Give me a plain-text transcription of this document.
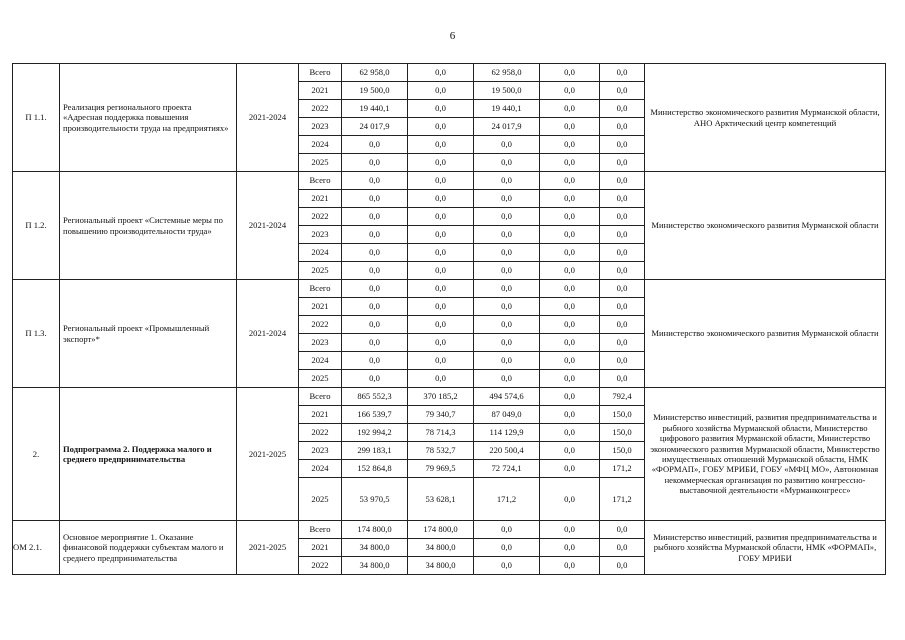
6
П 1.1.	Реализация регионального проекта «Адресная поддержка повышения производительности труда на предприятиях»	2021-2024	Всего	62 958,0	0,0	62 958,0	0,0	0,0	Министерство экономического развития Мурманской области, АНО Арктический центр компетенций
			2021	19 500,0	0,0	19 500,0	0,0	0,0	
			2022	19 440,1	0,0	19 440,1	0,0	0,0	
			2023	24 017,9	0,0	24 017,9	0,0	0,0	
			2024	0,0	0,0	0,0	0,0	0,0	
			2025	0,0	0,0	0,0	0,0	0,0	
П 1.2.	Региональный проект «Системные меры по повышению производительности труда»	2021-2024	Всего	0,0	0,0	0,0	0,0	0,0	Министерство экономического развития Мурманской области
			2021	0,0	0,0	0,0	0,0	0,0	
			2022	0,0	0,0	0,0	0,0	0,0	
			2023	0,0	0,0	0,0	0,0	0,0	
			2024	0,0	0,0	0,0	0,0	0,0	
			2025	0,0	0,0	0,0	0,0	0,0	
П 1.3.	Региональный проект «Промышленный экспорт»*	2021-2024	Всего	0,0	0,0	0,0	0,0	0,0	Министерство экономического развития Мурманской области
			2021	0,0	0,0	0,0	0,0	0,0	
			2022	0,0	0,0	0,0	0,0	0,0	
			2023	0,0	0,0	0,0	0,0	0,0	
			2024	0,0	0,0	0,0	0,0	0,0	
			2025	0,0	0,0	0,0	0,0	0,0	
2.	Подпрограмма 2. Поддержка малого и среднего предпринимательства	2021-2025	Всего	865 552,3	370 185,2	494 574,6	0,0	792,4	Министерство инвестиций, развития предпринимательства и рыбного хозяйства Мурманской области, Министерство цифрового развития Мурманской области, Министерство экономического развития Мурманской области, Министерство имущественных отношений Мурманской области, НМК «ФОРМАП», ГОБУ МРИБИ, ГОБУ «МФЦ МО», Автономная некоммерческая организация по развитию конгрессно-выставочной деятельности «Мурманконгресс»
			2021	166 539,7	79 340,7	87 049,0	0,0	150,0	
			2022	192 994,2	78 714,3	114 129,9	0,0	150,0	
			2023	299 183,1	78 532,7	220 500,4	0,0	150,0	
			2024	152 864,8	79 969,5	72 724,1	0,0	171,2	
			2025	53 970,5	53 628,1	171,2	0,0	171,2	
ОМ 2.1.	Основное мероприятие 1. Оказание финансовой поддержки субъектам малого и среднего предпринимательства	2021-2025	Всего	174 800,0	174 800,0	0,0	0,0	0,0	Министерство инвестиций, развития предпринимательства и рыбного хозяйства Мурманской области, НМК «ФОРМАП», ГОБУ МРИБИ
			2021	34 800,0	34 800,0	0,0	0,0	0,0	
			2022	34 800,0	34 800,0	0,0	0,0	0,0	
